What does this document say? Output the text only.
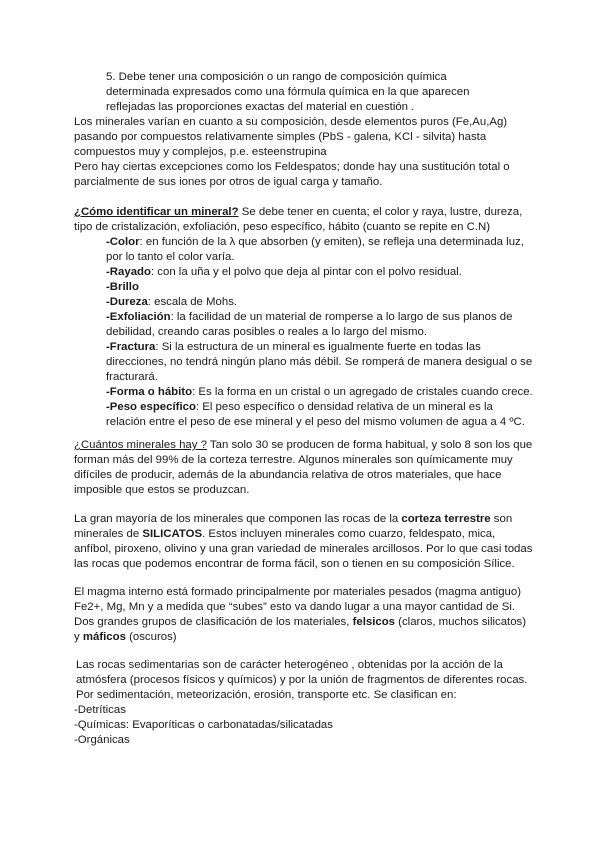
5. Debe tener una composición o un rango de composición química determinada expresados como una fórmula química en la que aparecen reflejadas las proporciones exactas del material en cuestión .

Los minerales varían en cuanto a su composición, desde elementos puros (Fe,Au,Ag) pasando por compuestos relativamente simples (PbS - galena, KCl - silvita) hasta compuestos muy y complejos, p.e. esteenstrupina

Pero hay ciertas excepciones como los Feldespatos; donde hay una sustitución total o parcialmente de sus iones por otros de igual carga y tamaño.

¿Cómo identificar un mineral? Se debe tener en cuenta; el color y raya, lustre, dureza, tipo de cristalización, exfoliación, peso específico, hábito (cuanto se repite en C.N)

-Color: en función de la λ que absorben (y emiten), se refleja una determinada luz, por lo tanto el color varía.

-Rayado: con la uña y el polvo que deja al pintar con el polvo residual.

-Brillo

-Dureza: escala de Mohs.

-Exfoliación: la facilidad de un material de romperse a lo largo de sus planos de debilidad, creando caras posibles o reales a lo largo del mismo.

-Fractura: Si la estructura de un mineral es igualmente fuerte en todas las direcciones, no tendrá ningún plano más débil. Se romperá de manera desigual o se fracturará.

-Forma o hábito: Es la forma en un cristal o un agregado de cristales cuando crece.

-Peso específico: El peso específico o densidad relativa de un mineral es la relación entre el peso de ese mineral y el peso del mismo volumen de agua a 4 ºC.

¿Cuántos minerales hay ? Tan solo 30 se producen de forma habitual, y solo 8 son los que forman más del 99% de la corteza terrestre. Algunos minerales son químicamente muy difíciles de producir, además de la abundancia relativa de otros materiales, que hace imposible que estos se produzcan.

La gran mayoría de los minerales que componen las rocas de la corteza terrestre son minerales de SILICATOS. Estos incluyen minerales como cuarzo, feldespato, mica, anfíbol, piroxeno, olivino y una gran variedad de minerales arcillosos. Por lo que casi todas las rocas que podemos encontrar de forma fácil, son o tienen en su composición Sílice.

El magma interno está formado principalmente por materiales pesados (magma antiguo) Fe2+, Mg, Mn y a medida que “subes” esto va dando lugar a una mayor cantidad de Si. Dos grandes grupos de clasificación de los materiales, felsicos (claros, muchos silicatos) y máficos (oscuros)

Las rocas sedimentarias son de carácter heterogéneo , obtenidas por la acción de la atmósfera (procesos físicos y químicos) y por la unión de fragmentos de diferentes rocas. Por sedimentación, meteorización, erosión, transporte etc. Se clasifican en:

-Detríticas

-Químicas: Evaporíticas o carbonatadas/silicatadas

-Orgánicas
